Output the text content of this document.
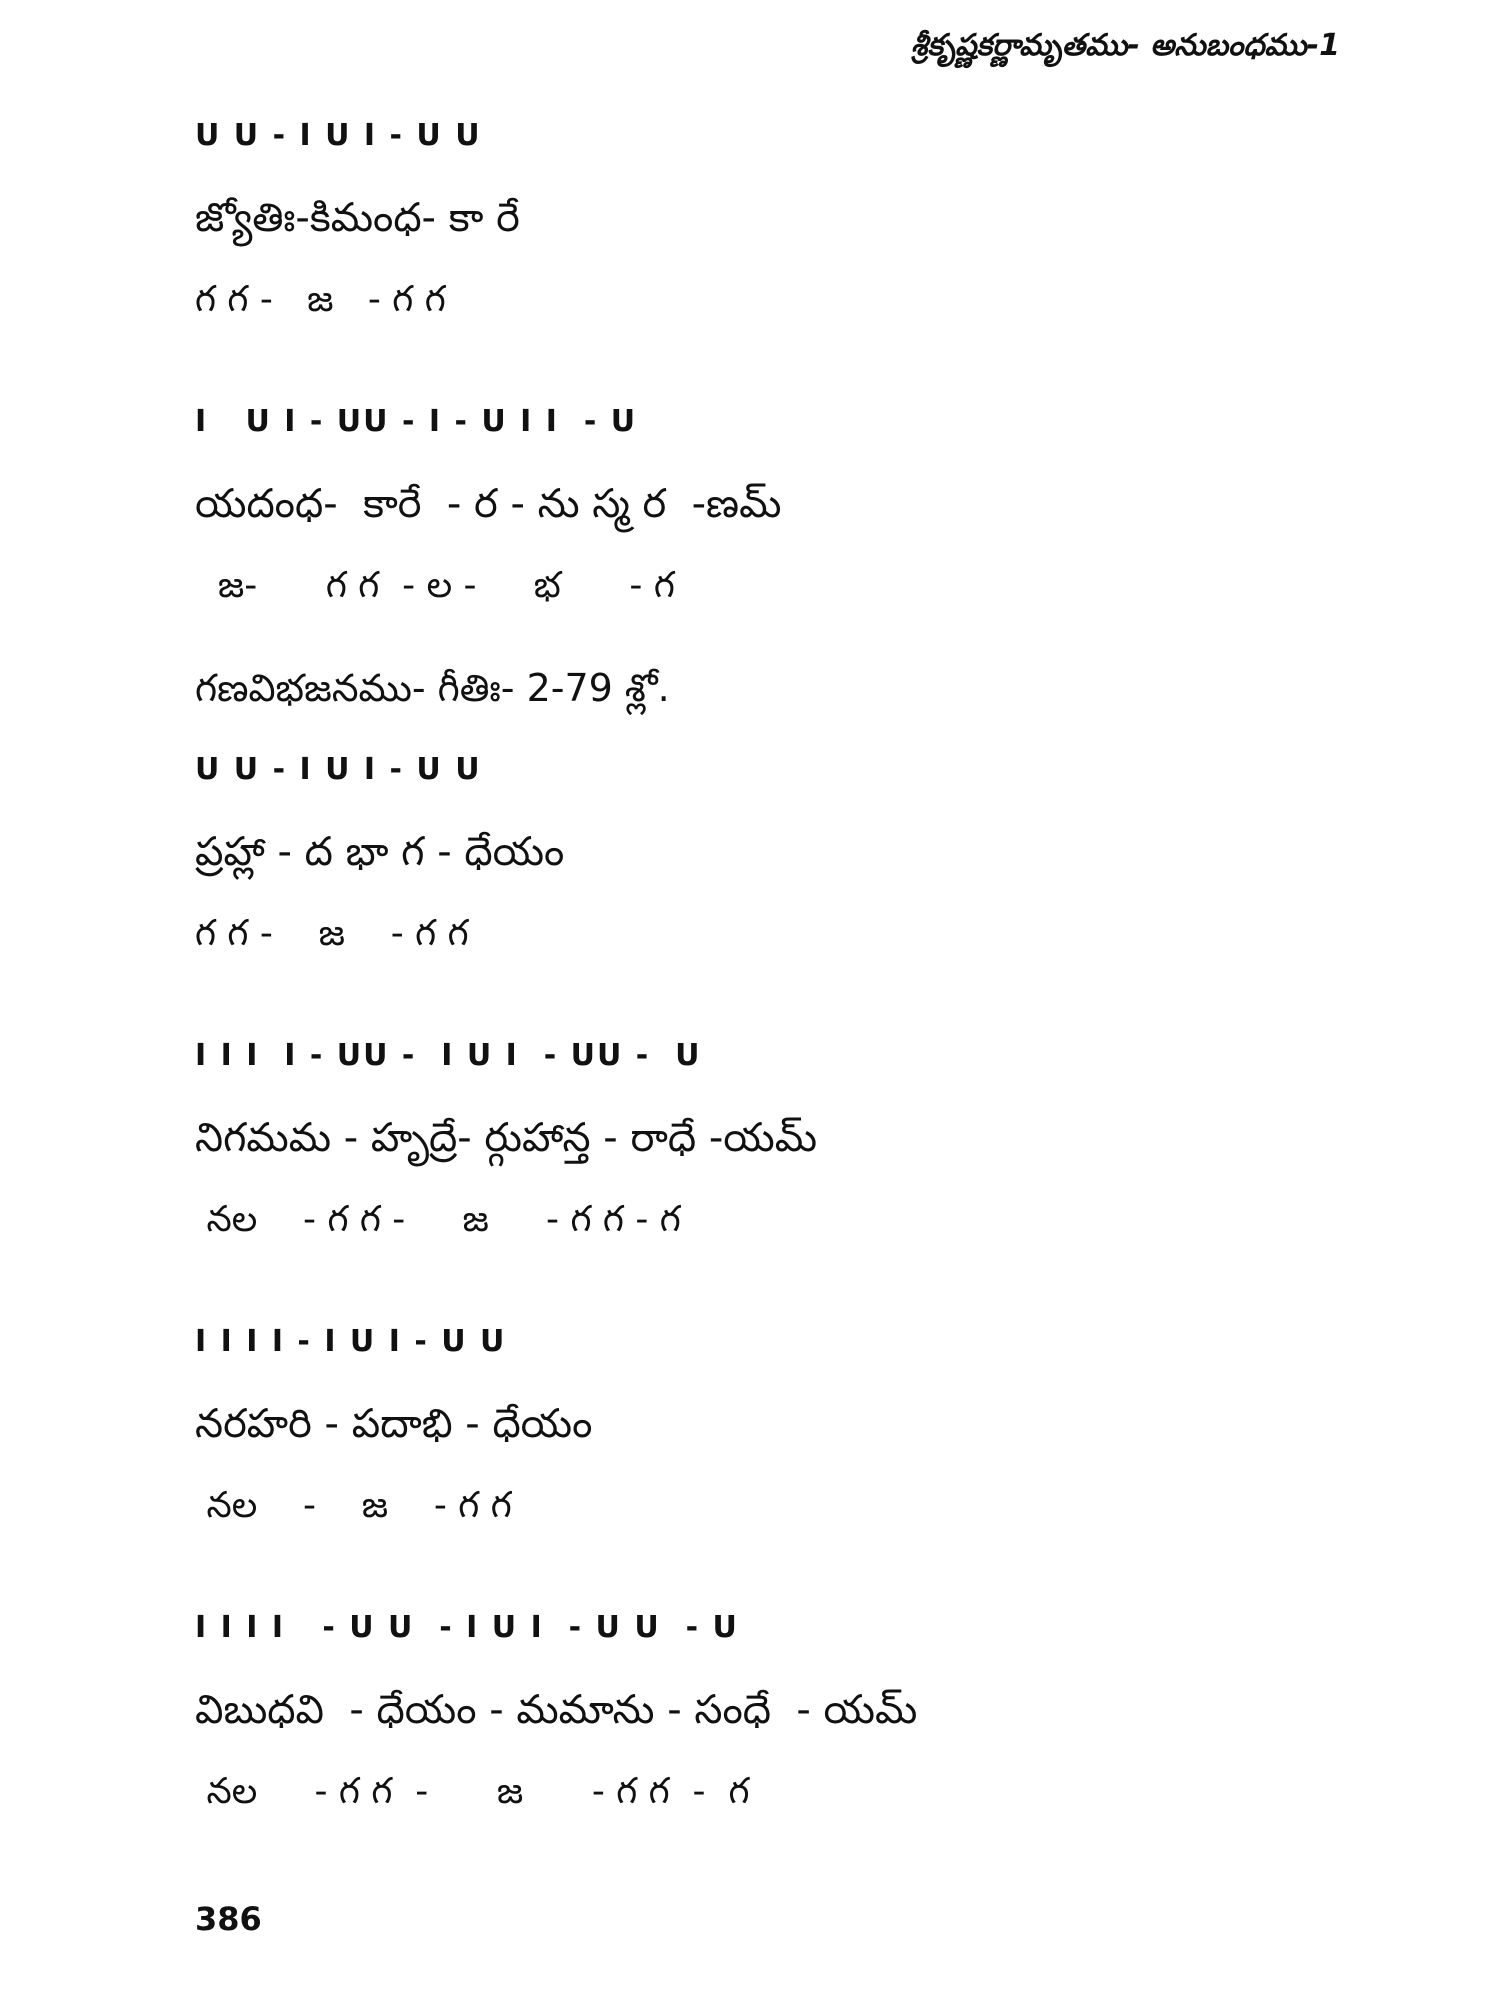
శ్రీకృష్ణకర్ణామృతము- అనుబంధము-1
U U - I U I - U U
జ్యోతిః-కిమంధ- కా రే
గ గ -   జ   - గ గ
I   U I - UU - I - U I I  - U
యదంధ-  కారే  - ర - ను స్మ ర  -ణమ్
జ-      గ గ  - ల -     భ      - గ
గణవిభజనము- గీతిః- 2-79 శ్లో.
U U - I U I - U U
ప్రహ్లా - ద భా గ - ధేయం
గ గ -    జ    - గ గ
I I I  I - UU -  I U I  - UU -  U
నిగమమ - హృద్రే- ర్గుహాన్త - రాధే -యమ్
నల    - గ గ -     జ     - గ గ - గ
I I I I - I U I - U U
నరహరి - పదాభి - ధేయం
నల    -    జ    - గ గ
I I I I   - U U  - I U I  - U U  - U
విబుధవి  - ధేయం - మమాను - సంధే  - యమ్
నల     - గ గ  -      జ      - గ గ  -  గ
386
